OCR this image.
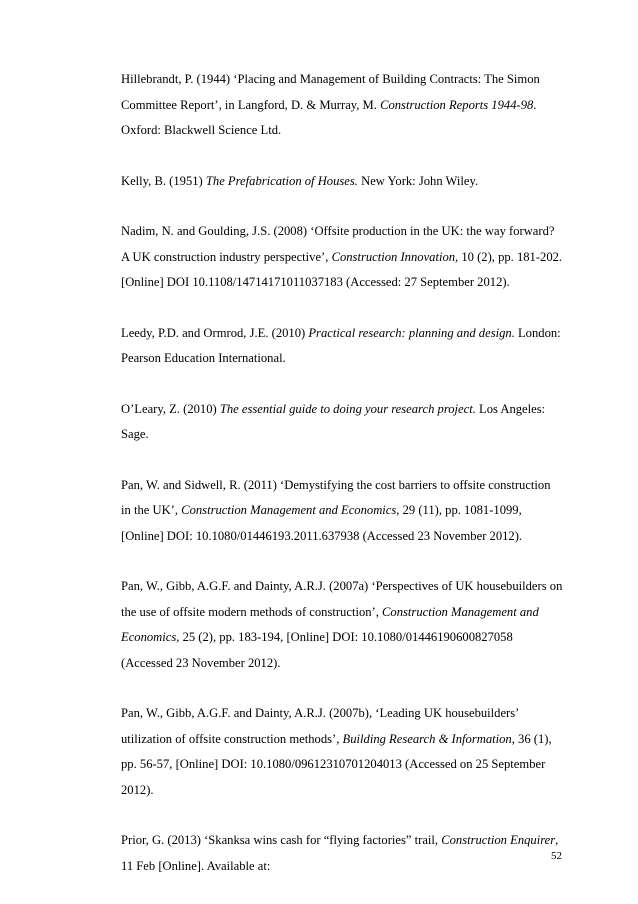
Hillebrandt, P. (1944) ‘Placing and Management of Building Contracts: The Simon Committee Report’, in Langford, D. & Murray, M. Construction Reports 1944-98. Oxford: Blackwell Science Ltd.

Kelly, B. (1951) The Prefabrication of Houses. New York: John Wiley.

Nadim, N. and Goulding, J.S. (2008) ‘Offsite production in the UK: the way forward? A UK construction industry perspective’, Construction Innovation, 10 (2), pp. 181-202. [Online] DOI 10.1108/14714171011037183 (Accessed: 27 September 2012).

Leedy, P.D. and Ormrod, J.E. (2010) Practical research: planning and design. London: Pearson Education International.

O’Leary, Z. (2010) The essential guide to doing your research project. Los Angeles: Sage.

Pan, W. and Sidwell, R. (2011) ‘Demystifying the cost barriers to offsite construction in the UK’, Construction Management and Economics, 29 (11), pp. 1081-1099, [Online] DOI: 10.1080/01446193.2011.637938 (Accessed 23 November 2012).

Pan, W., Gibb, A.G.F. and Dainty, A.R.J. (2007a) ‘Perspectives of UK housebuilders on the use of offsite modern methods of construction’, Construction Management and Economics, 25 (2), pp. 183-194, [Online] DOI: 10.1080/01446190600827058 (Accessed 23 November 2012).

Pan, W., Gibb, A.G.F. and Dainty, A.R.J. (2007b), ‘Leading UK housebuilders’ utilization of offsite construction methods’, Building Research & Information, 36 (1), pp. 56-57, [Online] DOI: 10.1080/09612310701204013 (Accessed on 25 September 2012).

Prior, G. (2013) ‘Skanksa wins cash for “flying factories” trail, Construction Enquirer, 11 Feb [Online]. Available at:

52
